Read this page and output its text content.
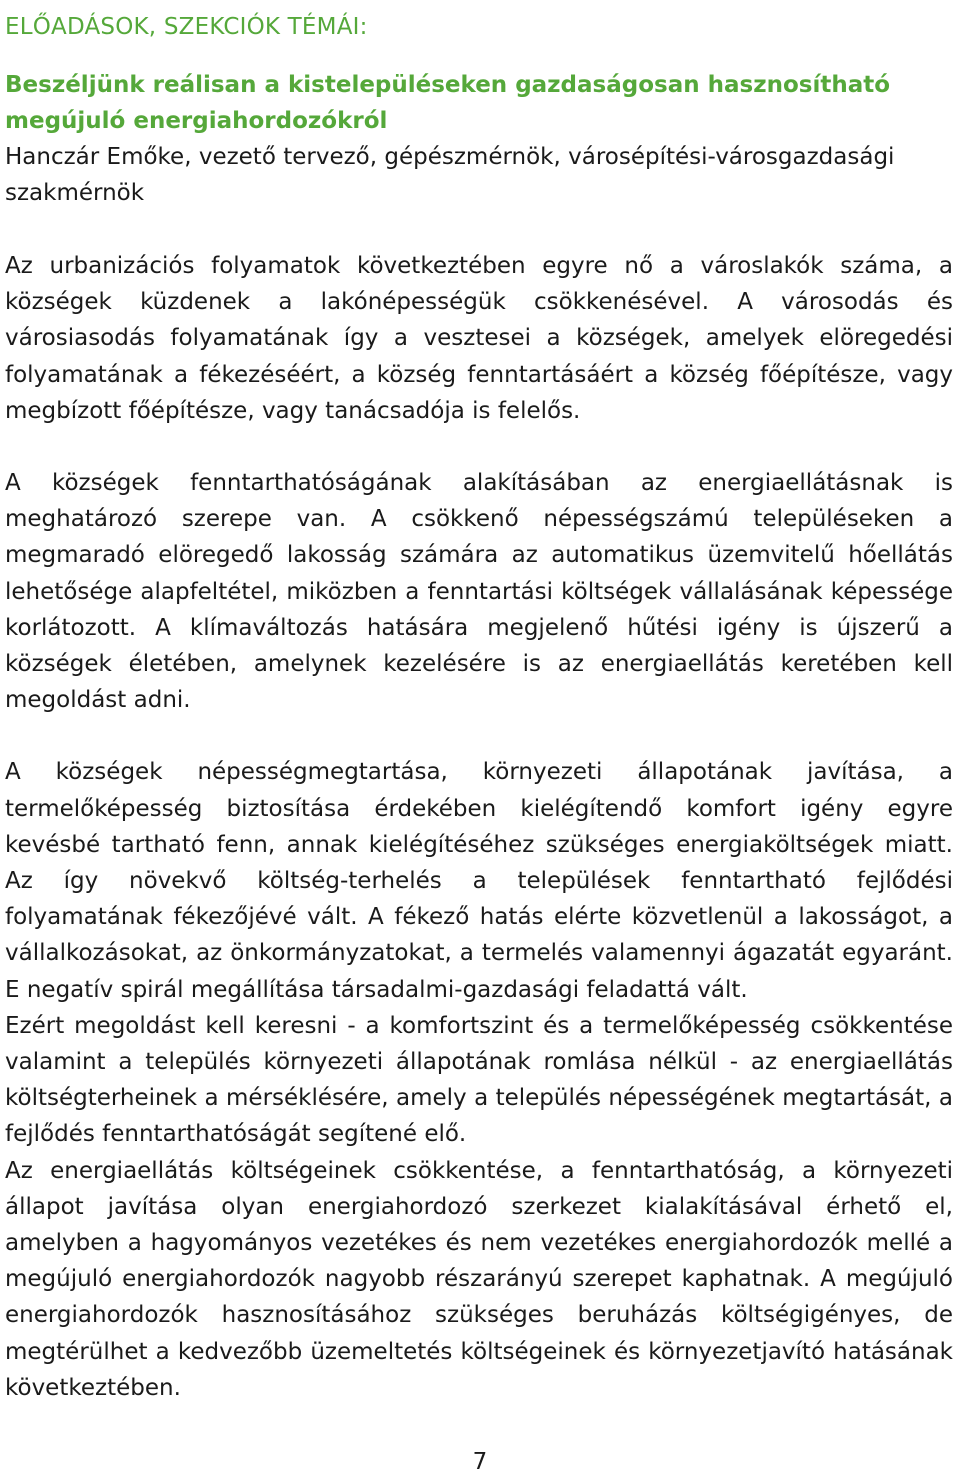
ELŐADÁSOK, SZEKCIÓK TÉMÁI:
Beszéljünk reálisan a kistelepüléseken gazdaságosan hasznosítható megújuló energiahordozókról

Hanczár Emőke, vezető tervező, gépészmérnök, városépítési-városgazdasági szakmérnök

Az urbanizációs folyamatok következtében egyre nő a városlakók száma, a községek küzdenek a lakónépességük csökkenésével. A városodás és városiasodás folyamatának így a vesztesei a községek, amelyek elöregedési folyamatának a fékezéséért, a község fenntartásáért a község főépítésze, vagy megbízott főépítésze, vagy tanácsadója is felelős.

A községek fenntarthatóságának alakításában az energiaellátásnak is meghatározó szerepe van. A csökkenő népességszámú településeken a megmaradó elöregedő lakosság számára az automatikus üzemvitelű hőellátás lehetősége alapfeltétel, miközben a fenntartási költségek vállalásának képessége korlátozott. A klímaváltozás hatására megjelenő hűtési igény is újszerű a községek életében, amelynek kezelésére is az energiaellátás keretében kell megoldást adni.

A községek népességmegtartása, környezeti állapotának javítása, a termelőképesség biztosítása érdekében kielégítendő komfort igény egyre kevésbé tartható fenn, annak kielégítéséhez szükséges energiaköltségek miatt. Az így növekvő költség-terhelés a települések fenntartható fejlődési folyamatának fékezőjévé vált. A fékező hatás elérte közvetlenül a lakosságot, a vállalkozásokat, az önkormányzatokat, a termelés valamennyi ágazatát egyaránt. E negatív spirál megállítása társadalmi-gazdasági feladattá vált.

Ezért megoldást kell keresni - a komfortszint és a termelőképesség csökkentése valamint a település környezeti állapotának romlása nélkül - az energiaellátás költségterheinek a mérséklésére, amely a település népességének megtartását, a fejlődés fenntarthatóságát segítené elő.

Az energiaellátás költségeinek csökkentése, a fenntarthatóság, a környezeti állapot javítása olyan energiahordozó szerkezet kialakításával érhető el, amelyben a hagyományos vezetékes és nem vezetékes energiahordozók mellé a megújuló energiahordozók nagyobb részarányú szerepet kaphatnak. A megújuló energiahordozók hasznosításához szükséges beruházás költségigényes, de megtérülhet a kedvezőbb üzemeltetés költségeinek és környezetjavító hatásának következtében.

7
